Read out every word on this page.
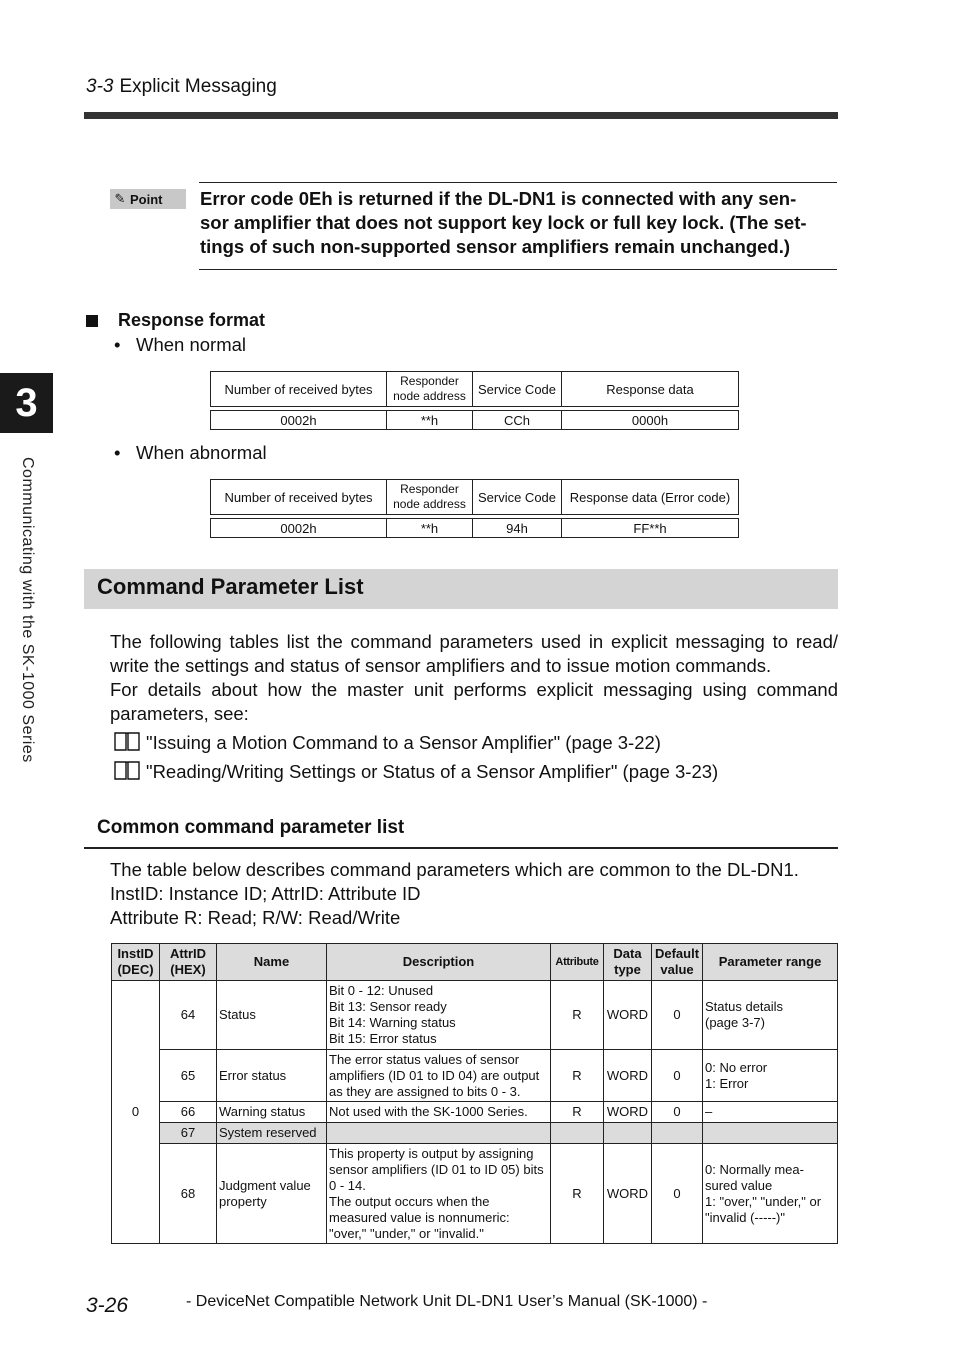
3-3 Explicit Messaging
3
Communicating with the SK-1000 Series
✎ Point Error code 0Eh is returned if the DL-DN1 is connected with any sen-
sor amplifier that does not support key lock or full key lock. (The set-
tings of such non-supported sensor amplifiers remain unchanged.)
Response format
• When normal
Number of received bytes	Responder node address	Service Code	Response data

0002h	**h	CCh	0000h
• When abnormal
Number of received bytes	Responder node address	Service Code	Response data (Error code)

0002h	**h	94h	FF**h
Command Parameter List
The following tables list the command parameters used in explicit messaging to read/ write the settings and status of sensor amplifiers and to issue motion commands.
For details about how the master unit performs explicit messaging using command parameters, see:
"Issuing a Motion Command to a Sensor Amplifier" (page 3-22)
"Reading/Writing Settings or Status of a Sensor Amplifier" (page 3-23)
Common command parameter list
The table below describes command parameters which are common to the DL-DN1.
InstID: Instance ID; AttrID: Attribute ID
Attribute R: Read; R/W: Read/Write
InstID (DEC)	AttrID (HEX)	Name	Description	Attribute	Data type	Default value	Parameter range
0	64	Status	Bit 0 - 12: Unused
Bit 13: Sensor ready
Bit 14: Warning status
Bit 15: Error status	R	WORD	0	Status details
(page 3-7)
	65	Error status	The error status values of sensor amplifiers (ID 01 to ID 04) are output as they are assigned to bits 0 - 3.	R	WORD	0	0: No error
1: Error
	66	Warning status	Not used with the SK-1000 Series.	R	WORD	0	–
	67	System reserved					
	68	Judgment value property	This property is output by assigning sensor amplifiers (ID 01 to ID 05) bits 0 - 14.
The output occurs when the measured value is nonnumeric: "over," "under," or "invalid."	R	WORD	0	0: Normally mea-
sured value
1: "over," "under," or "invalid (-----)"
3-26	- DeviceNet Compatible Network Unit DL-DN1 User’s Manual (SK-1000) -
